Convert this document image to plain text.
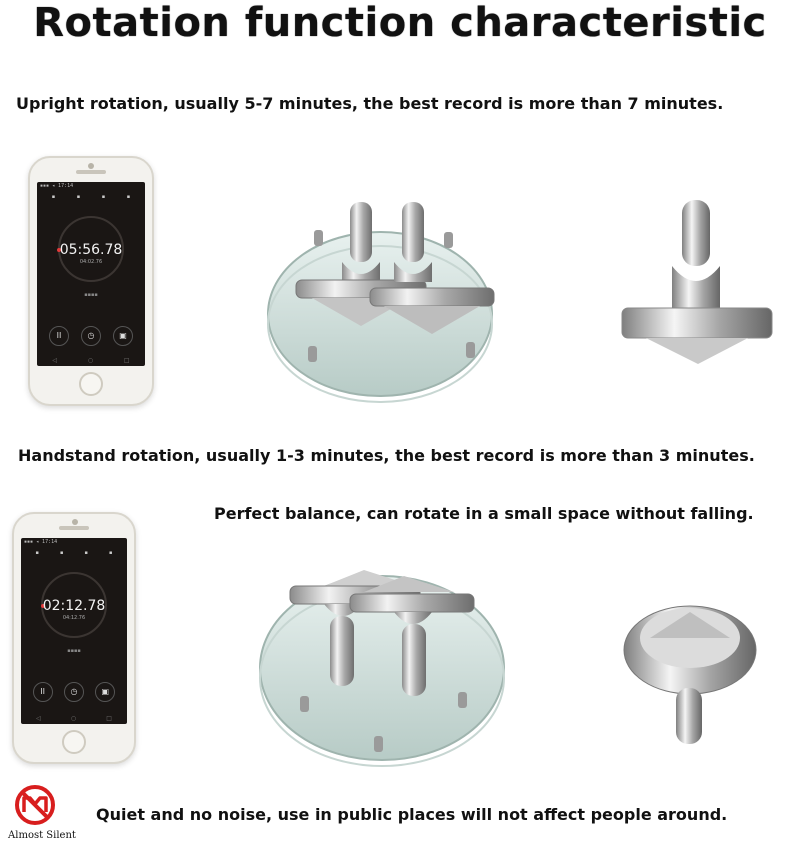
Rotation function characteristic
Upright rotation, usually 5-7 minutes, the best record is more than 7 minutes.
▪▪▪ ◂ 17:14
▪	▪	▪	▪
05:56.78
04:02.76
▪▪▪▪
II	◷	▣
◁	○	□
Handstand rotation, usually 1-3 minutes, the best record is more than 3 minutes.
Perfect balance, can rotate in a small space without falling.
▪▪▪ ◂ 17:14
▪	▪	▪	▪
02:12.78
04:12.76
▪▪▪▪
II	◷	▣
◁	○	□
Almost Silent
Quiet and no noise, use in public places will not affect people around.
